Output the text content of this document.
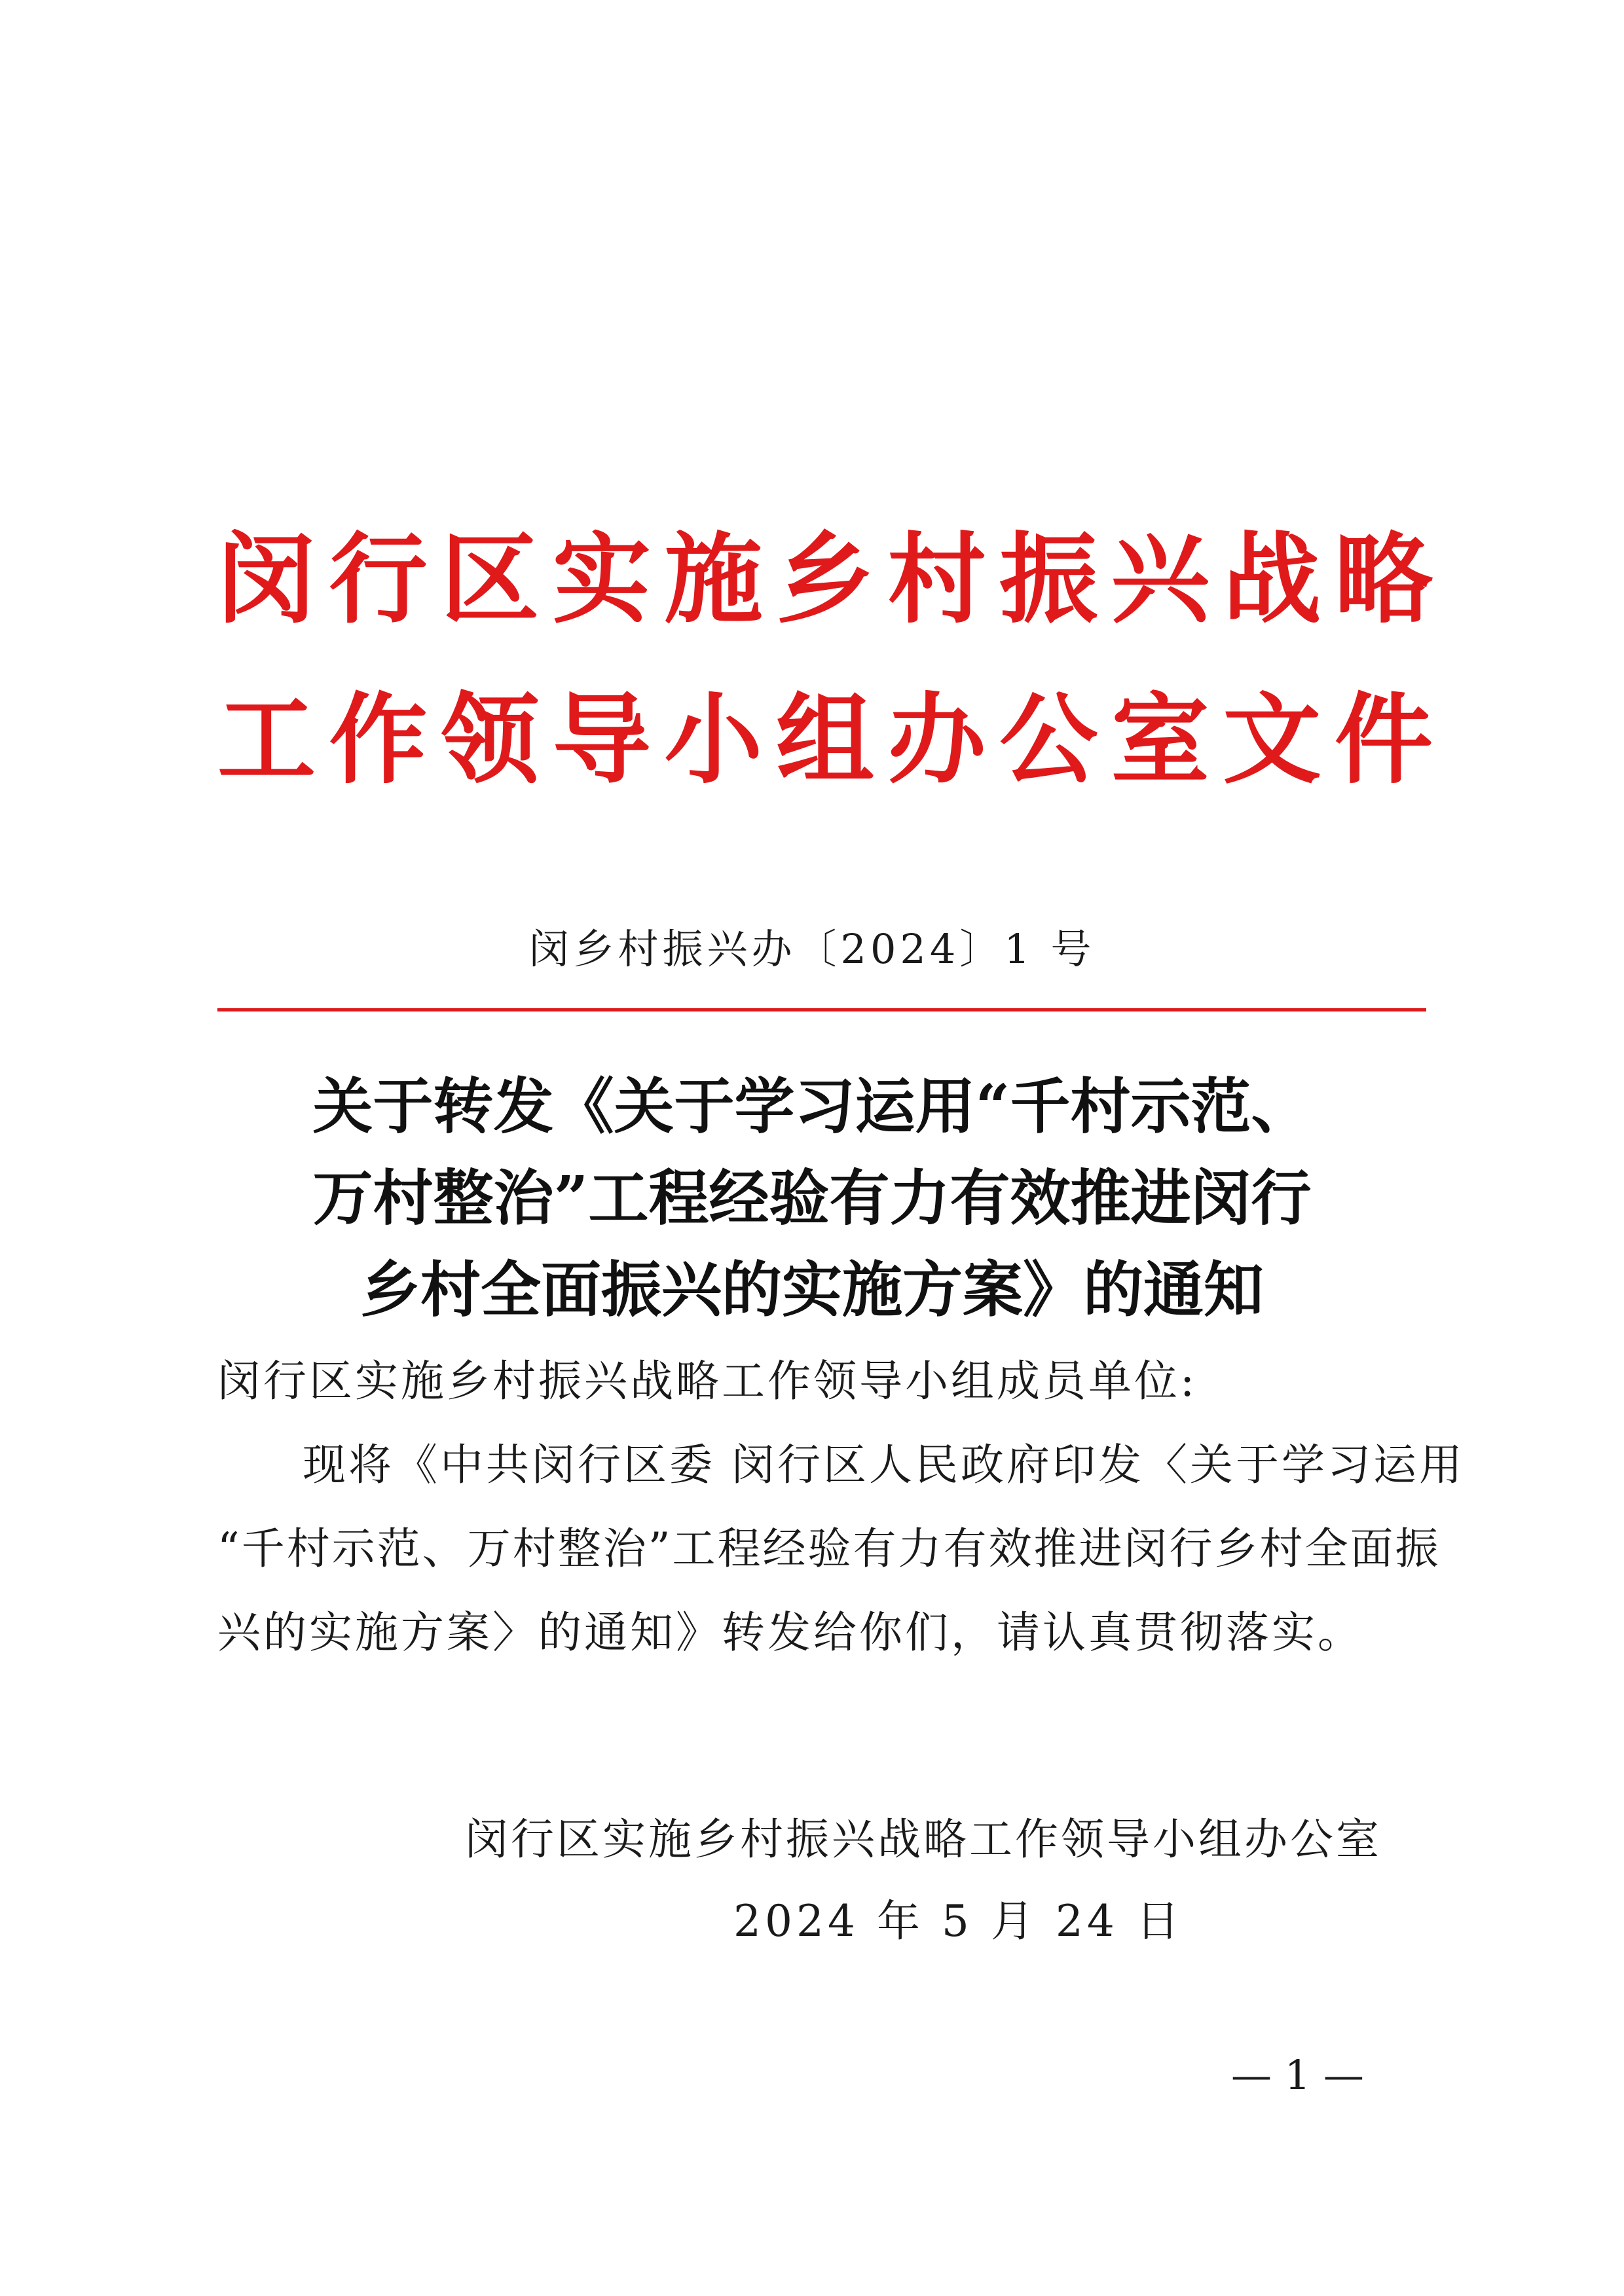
闵 行 区 实 施 乡 村 振 兴 战 略
工 作 领 导 小 组 办 公 室 文 件
闵乡村振兴办〔2024〕1 号
关于转发《关于学习运用“千村示范、
万村整治”工程经验有力有效推进闵行
乡村全面振兴的实施方案》的通知
闵行区实施乡村振兴战略工作领导小组成员单位:
现将《中共闵行区委 闵行区人民政府印发〈关于学习运用
“千村示范、万村整治”工程经验有力有效推进闵行乡村全面振
兴的实施方案〉的通知》转发给你们，请认真贯彻落实。
闵行区实施乡村振兴战略工作领导小组办公室
2024 年 5 月 24 日
— 1 —
